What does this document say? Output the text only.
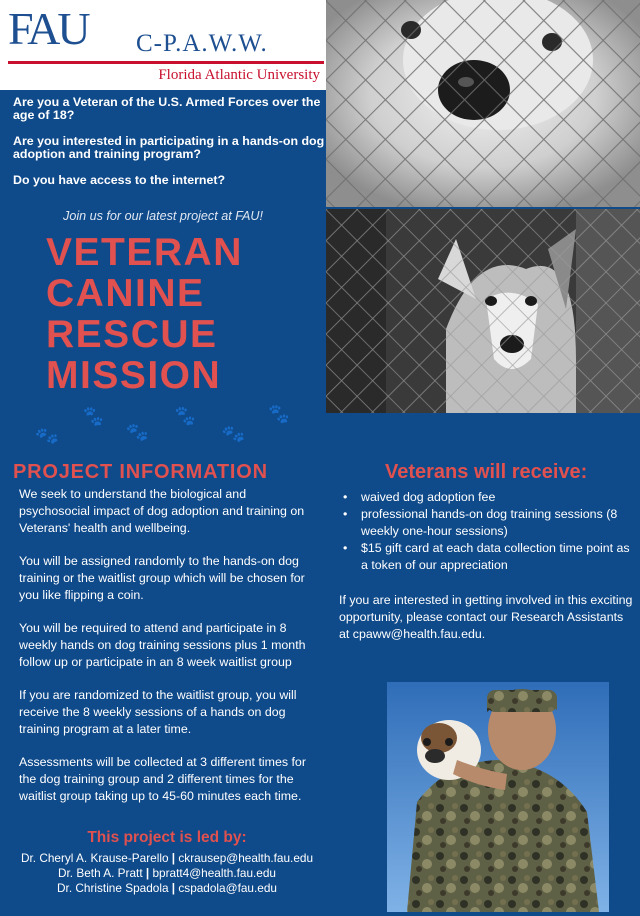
FAU C-P.A.W.W.
Florida Atlantic University
Are you a Veteran of the U.S. Armed Forces over the age of 18?
Are you interested in participating in a hands-on dog adoption and training program?
Do you have access to the internet?
Join us for our latest project at FAU!
VETERAN
CANINE
RESCUE
MISSION
🐾
🐾
🐾
🐾
🐾
🐾
PROJECT INFORMATION

We seek to understand the biological and psychosocial impact of dog adoption and training on Veterans' health and wellbeing.

You will be assigned randomly to the hands-on dog training or the waitlist group which will be chosen for you like flipping a coin.

You will be required to attend and participate in 8 weekly hands on dog training sessions plus 1 month follow up or participate in an 8 week waitlist group

If you are randomized to the waitlist group, you will receive the 8 weekly sessions of a hands on dog training program at a later time.

Assessments will be collected at 3 different times for the dog training group and 2 different times for the waitlist group taking up to 45-60 minutes each time.

This project is led by:
Dr. Cheryl A. Krause-Parello | ckrausep@health.fau.edu
Dr. Beth A. Pratt | bpratt4@health.fau.edu
Dr. Christine Spadola | cspadola@fau.edu
Veterans will receive:
• waived dog adoption fee
• professional hands-on dog training sessions (8 weekly one-hour sessions)
• $15 gift card at each data collection time point as a token of our appreciation
If you are interested in getting involved in this exciting opportunity, please contact our Research Assistants at cpaww@health.fau.edu.
